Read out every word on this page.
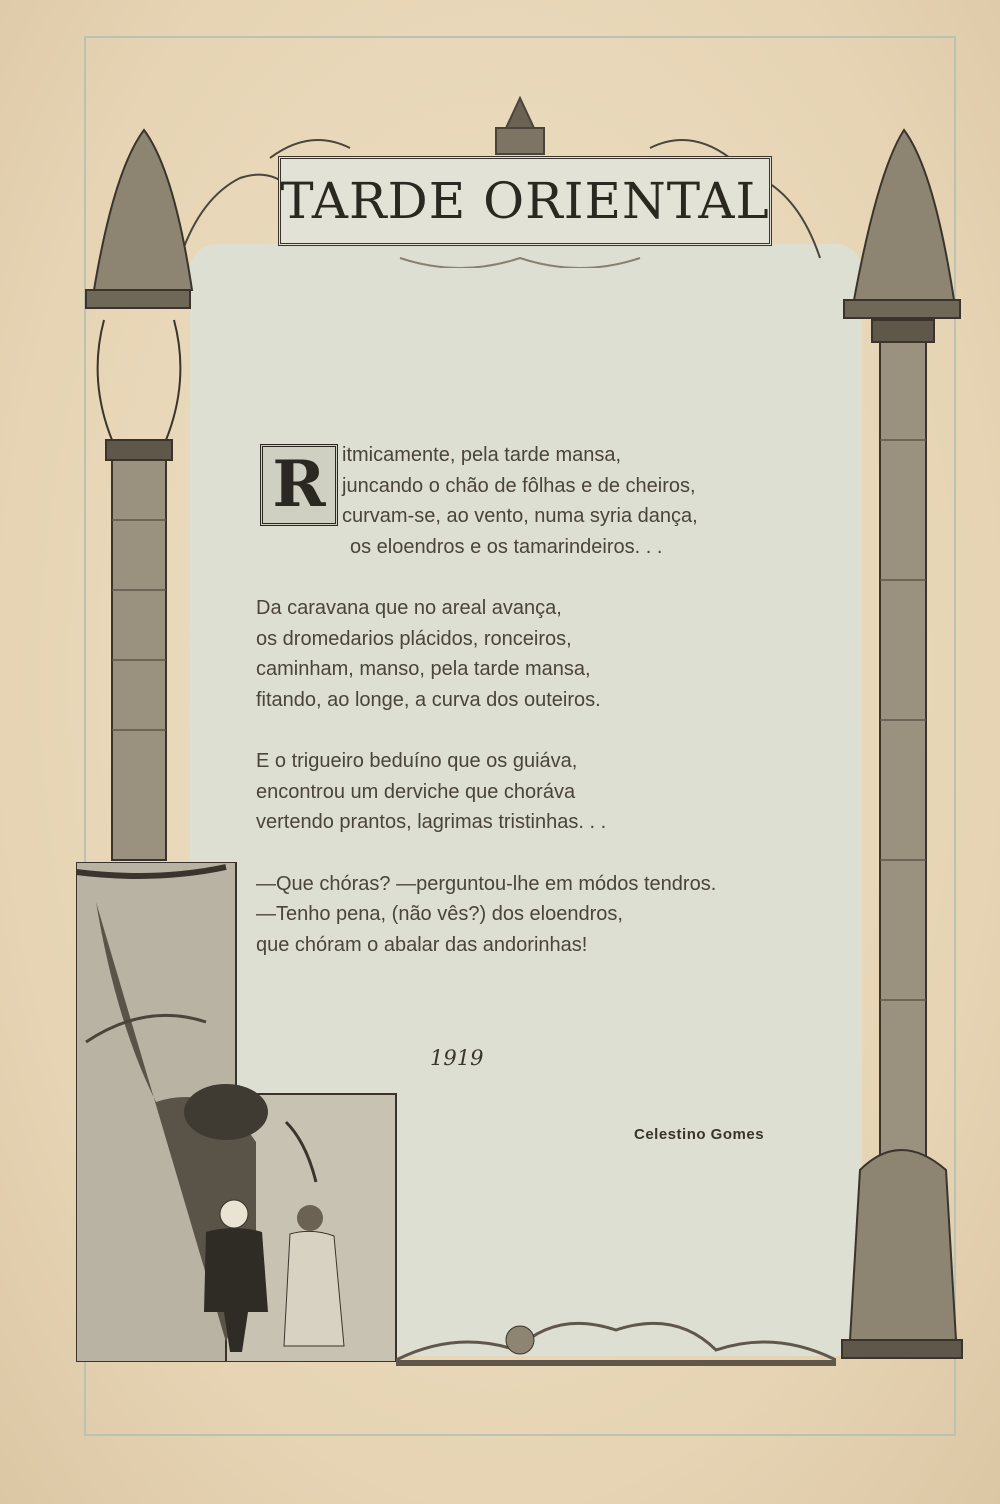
TARDE ORIENTAL
R itmicamente, pela tarde mansa,
juncando o chão de fôlhas e de cheiros,
curvam-se, ao vento, numa syria dança,
os eloendros e os tamarindeiros. . .
Da caravana que no areal avança,
os dromedarios plácidos, ronceiros,
caminham, manso, pela tarde mansa,
fitando, ao longe, a curva dos outeiros.
E o trigueiro beduíno que os guiáva,
encontrou um derviche que choráva
vertendo prantos, lagrimas tristinhas. . .
—Que chóras? —perguntou-lhe em módos tendros.
—Tenho pena, (não vês?) dos eloendros,
que chóram o abalar das andorinhas!
1919
Celestino Gomes
